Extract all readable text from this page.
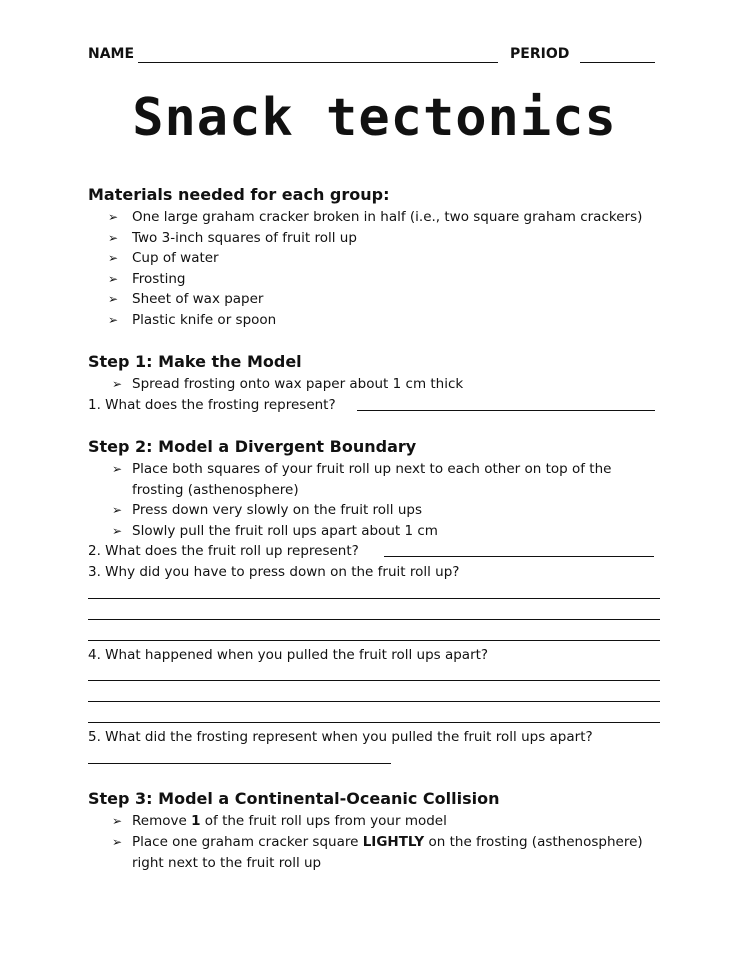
NAME	PERIOD
Snack tectonics
Materials needed for each group:
➢ One large graham cracker broken in half (i.e., two square graham crackers)
➢ Two 3-inch squares of fruit roll up
➢ Cup of water
➢ Frosting
➢ Sheet of wax paper
➢ Plastic knife or spoon
Step 1: Make the Model
➢ Spread frosting onto wax paper about 1 cm thick
1. What does the frosting represent?
Step 2: Model a Divergent Boundary
➢ Place both squares of your fruit roll up next to each other on top of the
frosting (asthenosphere)
➢ Press down very slowly on the fruit roll ups
➢ Slowly pull the fruit roll ups apart about 1 cm
2. What does the fruit roll up represent?
3. Why did you have to press down on the fruit roll up?
4. What happened when you pulled the fruit roll ups apart?
5. What did the frosting represent when you pulled the fruit roll ups apart?
Step 3: Model a Continental-Oceanic Collision
➢ Remove 1 of the fruit roll ups from your model
➢ Place one graham cracker square LIGHTLY on the frosting (asthenosphere)
right next to the fruit roll up
